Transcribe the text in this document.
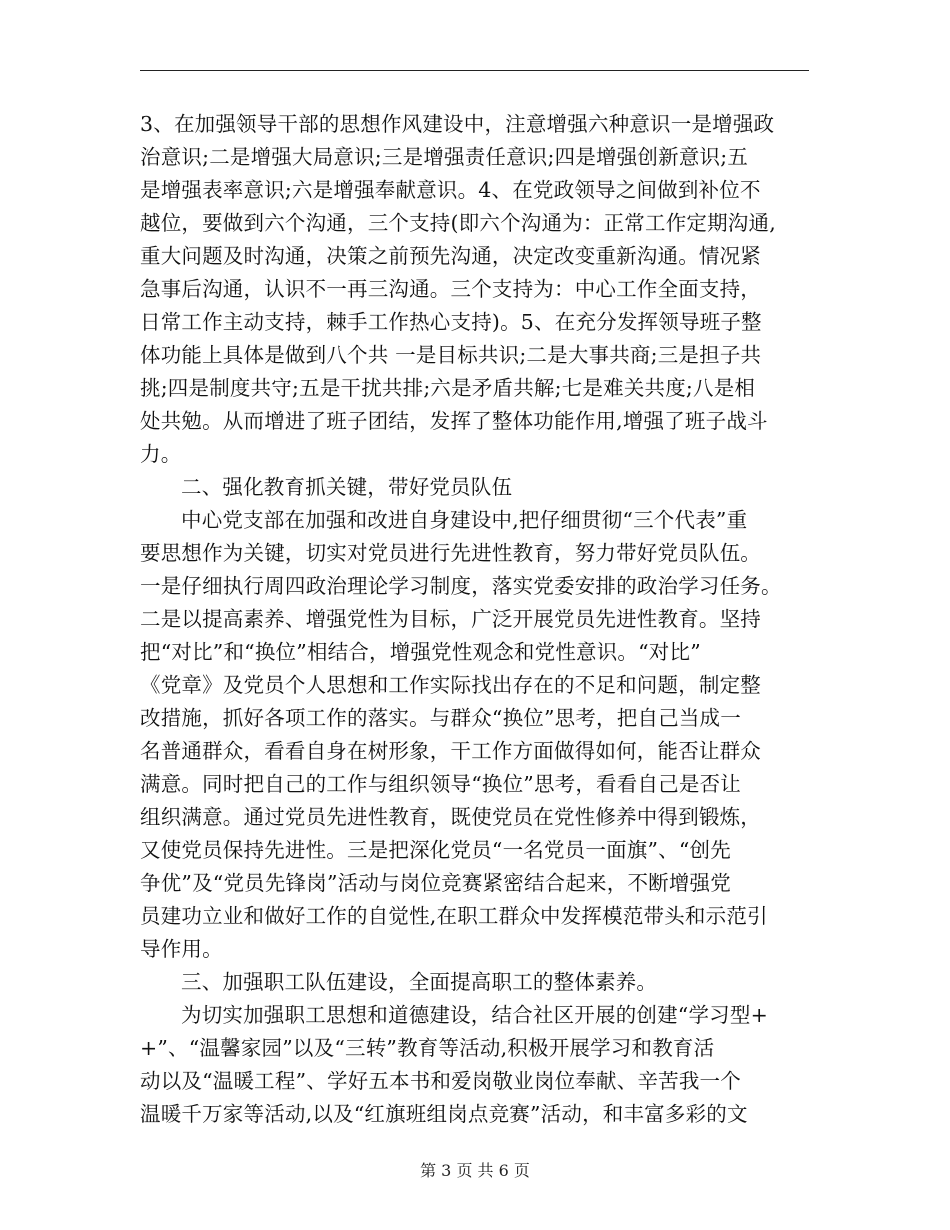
3、在加强领导干部的思想作风建设中，注意增强六种意识一是增强政
治意识;二是增强大局意识;三是增强责任意识;四是增强创新意识;五
是增强表率意识;六是增强奉献意识。4、在党政领导之间做到补位不
越位，要做到六个沟通，三个支持(即六个沟通为：正常工作定期沟通,
重大问题及时沟通，决策之前预先沟通，决定改变重新沟通。情况紧
急事后沟通，认识不一再三沟通。三个支持为：中心工作全面支持，
日常工作主动支持，棘手工作热心支持)。5、在充分发挥领导班子整
体功能上具体是做到八个共 一是目标共识;二是大事共商;三是担子共
挑;四是制度共守;五是干扰共排;六是矛盾共解;七是难关共度;八是相
处共勉。从而增进了班子团结，发挥了整体功能作用,增强了班子战斗
力。
二、强化教育抓关键，带好党员队伍
中心党支部在加强和改进自身建设中,把仔细贯彻“三个代表”重
要思想作为关键，切实对党员进行先进性教育，努力带好党员队伍。
一是仔细执行周四政治理论学习制度，落实党委安排的政治学习任务。
二是以提高素养、增强党性为目标，广泛开展党员先进性教育。坚持
把“对比”和“换位”相结合，增强党性观念和党性意识。“对比”
《党章》及党员个人思想和工作实际找出存在的不足和问题，制定整
改措施，抓好各项工作的落实。与群众“换位”思考，把自己当成一
名普通群众，看看自身在树形象，干工作方面做得如何，能否让群众
满意。同时把自己的工作与组织领导“换位”思考，看看自己是否让
组织满意。通过党员先进性教育，既使党员在党性修养中得到锻炼，
又使党员保持先进性。三是把深化党员“一名党员一面旗”、“创先
争优”及“党员先锋岗”活动与岗位竞赛紧密结合起来，不断增强党
员建功立业和做好工作的自觉性,在职工群众中发挥模范带头和示范引
导作用。
三、加强职工队伍建设，全面提高职工的整体素养。
为切实加强职工思想和道德建设，结合社区开展的创建“学习型+
+”、“温馨家园”以及“三转”教育等活动,积极开展学习和教育活
动以及“温暖工程”、学好五本书和爱岗敬业岗位奉献、辛苦我一个
温暖千万家等活动,以及“红旗班组岗点竞赛”活动，和丰富多彩的文
第 3 页 共 6 页
